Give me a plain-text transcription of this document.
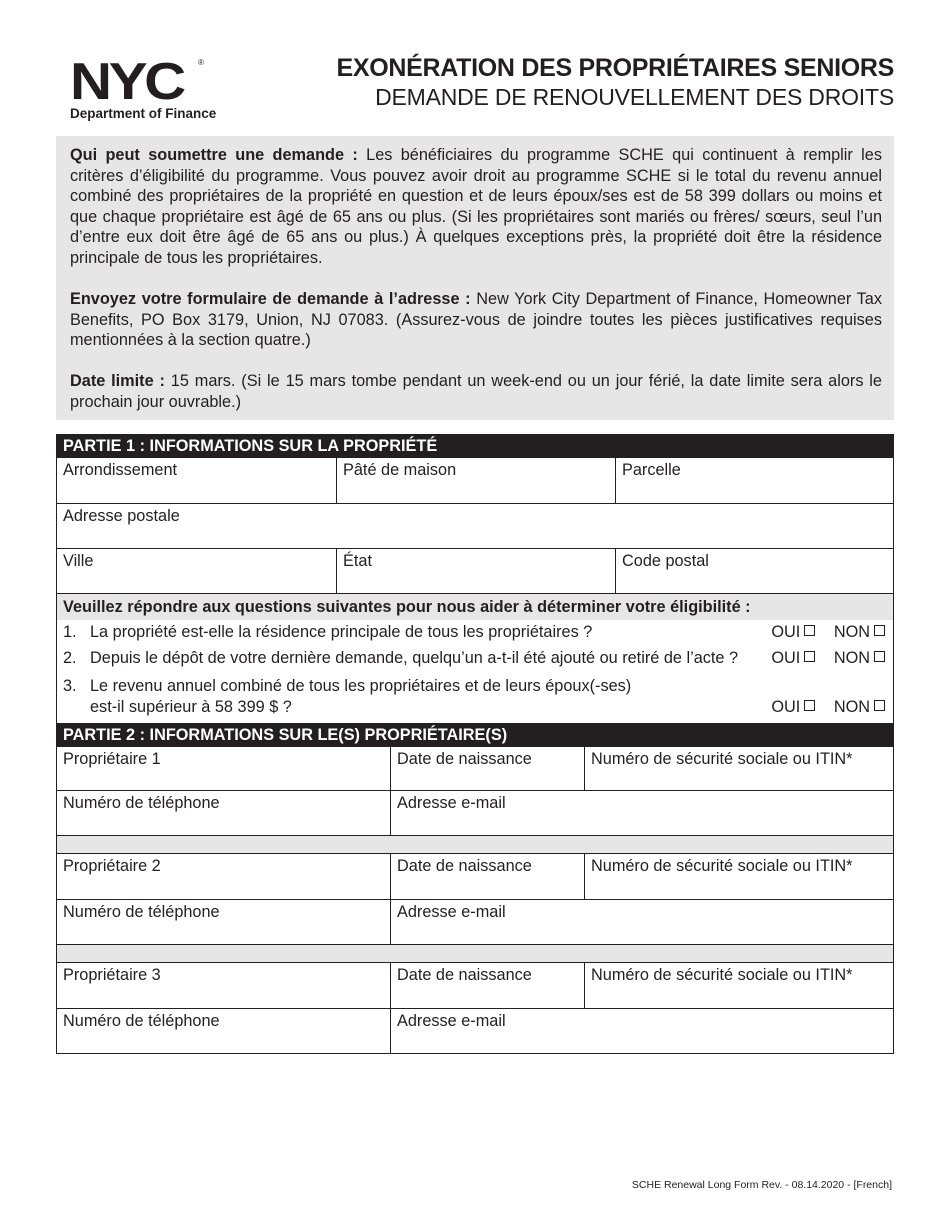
NYC	®
Department of Finance
EXONÉRATION DES PROPRIÉTAIRES SENIORS
DEMANDE DE RENOUVELLEMENT DES DROITS

Qui peut soumettre une demande : Les bénéficiaires du programme SCHE qui continuent à remplir les critères d’éligibilité du programme. Vous pouvez avoir droit au programme SCHE si le total du revenu annuel combiné des propriétaires de la propriété en question et de leurs époux/ses est de 58 399 dollars ou moins et que chaque propriétaire est âgé de 65 ans ou plus. (Si les propriétaires sont mariés ou frères/ sœurs, seul l’un d’entre eux doit être âgé de 65 ans ou plus.) À quelques exceptions près, la propriété doit être la résidence principale de tous les propriétaires.

Envoyez votre formulaire de demande à l’adresse : New York City Department of Finance, Homeowner Tax Benefits, PO Box 3179, Union, NJ 07083. (Assurez-vous de joindre toutes les pièces justificatives requises mentionnées à la section quatre.)

Date limite : 15 mars. (Si le 15 mars tombe pendant un week-end ou un jour férié, la date limite sera alors le prochain jour ouvrable.)

PARTIE 1 : INFORMATIONS SUR LA PROPRIÉTÉ
Arrondissement	Pâté de maison	Parcelle
Adresse postale
Ville	État	Code postal
Veuillez répondre aux questions suivantes pour nous aider à déterminer votre éligibilité :
1. La propriété est-elle la résidence principale de tous les propriétaires ?	OUI NON
2. Depuis le dépôt de votre dernière demande, quelqu’un a-t-il été ajouté ou retiré de l’acte ? OUI NON
3. Le revenu annuel combiné de tous les propriétaires et de leurs époux(-ses)
est-il supérieur à 58 399 $ ?	OUI NON
PARTIE 2 : INFORMATIONS SUR LE(S) PROPRIÉTAIRE(S)
Propriétaire 1	Date de naissance	Numéro de sécurité sociale ou ITIN*
Numéro de téléphone	Adresse e-mail
Propriétaire 2	Date de naissance	Numéro de sécurité sociale ou ITIN*
Numéro de téléphone	Adresse e-mail
Propriétaire 3	Date de naissance	Numéro de sécurité sociale ou ITIN*
Numéro de téléphone	Adresse e-mail
SCHE Renewal Long Form Rev. - 08.14.2020 - [French]
